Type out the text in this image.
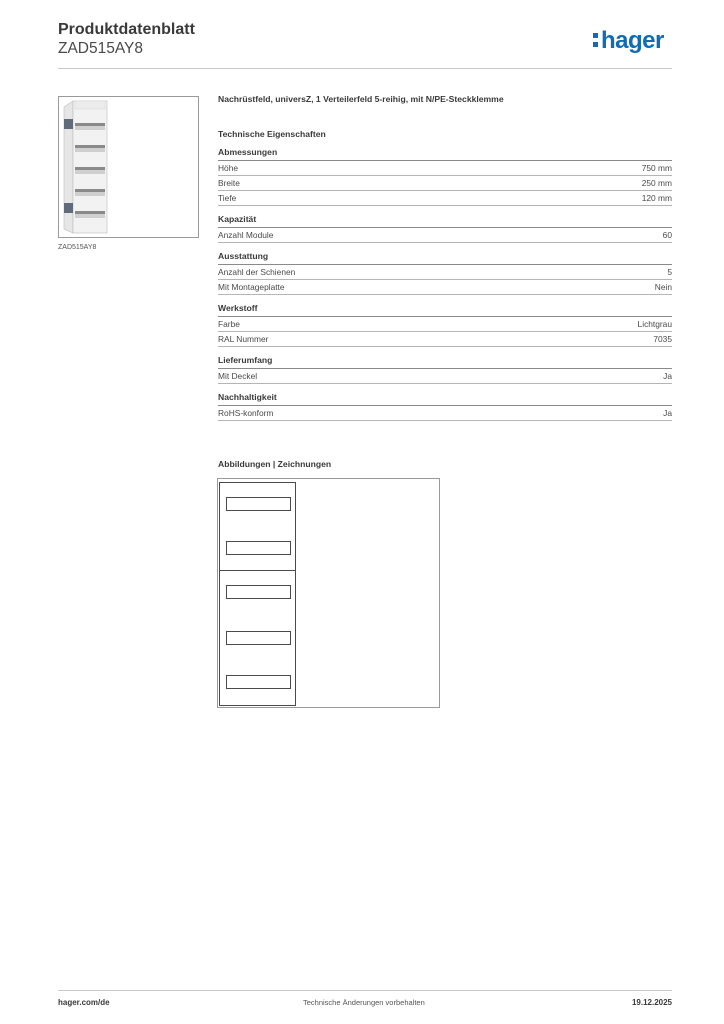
Produktdatenblatt
ZAD515AY8	hager
ZAD515AY8
Nachrüstfeld, universZ, 1 Verteilerfeld 5-reihig, mit N/PE-Steckklemme
Technische Eigenschaften
Abmessungen
Höhe	750 mm
Breite	250 mm
Tiefe	120 mm
Kapazität
Anzahl Module	60
Ausstattung
Anzahl der Schienen	5
Mit Montageplatte	Nein
Werkstoff
Farbe	Lichtgrau
RAL Nummer	7035
Lieferumfang
Mit Deckel	Ja
Nachhaltigkeit
RoHS-konform	Ja
Abbildungen | Zeichnungen
hager.com/de	Technische Änderungen vorbehalten	19.12.2025
